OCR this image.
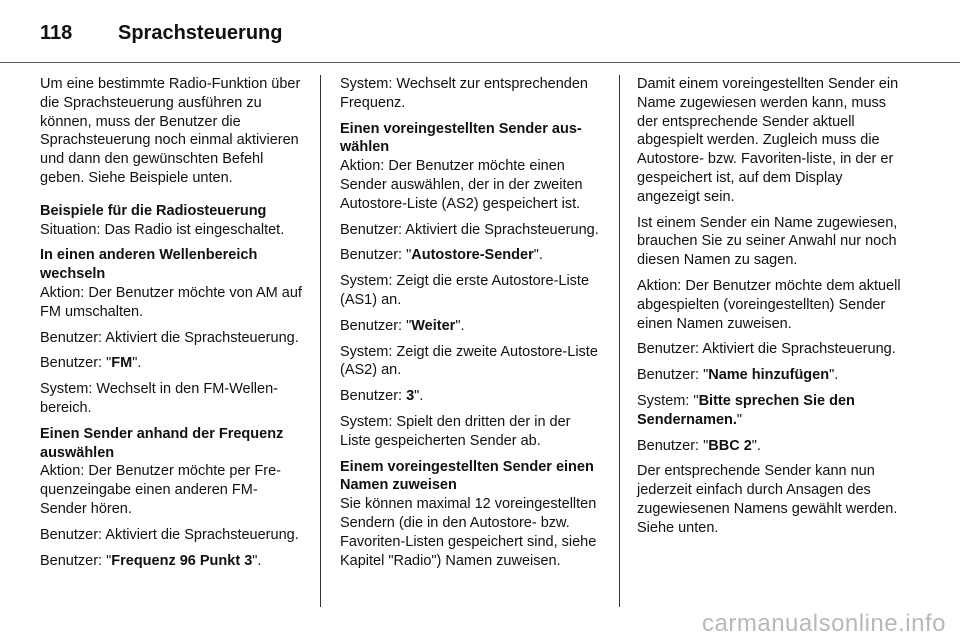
118	Sprachsteuerung

Um eine bestimmte Radio-Funktion über die Sprachsteuerung ausführen zu können, muss der Benutzer die Sprachsteuerung noch einmal aktivieren und dann den gewünschten Befehl geben. Siehe Beispiele unten.

Beispiele für die Radiosteuerung

Situation: Das Radio ist eingeschaltet.

In einen anderen Wellenbereich wechseln

Aktion: Der Benutzer möchte von AM auf FM umschalten.

Benutzer: Aktiviert die Sprachsteuerung.

Benutzer: "FM".

System: Wechselt in den FM-Wellenbereich.

Einen Sender anhand der Frequenz auswählen

Aktion: Der Benutzer möchte per Frequenzeingabe einen anderen FM-Sender hören.

Benutzer: Aktiviert die Sprachsteuerung.

Benutzer: "Frequenz 96 Punkt 3".

System: Wechselt zur entsprechenden Frequenz.

Einen voreingestellten Sender auswählen

Aktion: Der Benutzer möchte einen Sender auswählen, der in der zweiten Autostore-Liste (AS2) gespeichert ist.

Benutzer: Aktiviert die Sprachsteuerung.

Benutzer: "Autostore-Sender".

System: Zeigt die erste Autostore-Liste (AS1) an.

Benutzer: "Weiter".

System: Zeigt die zweite Autostore-Liste (AS2) an.

Benutzer: 3".

System: Spielt den dritten der in der Liste gespeicherten Sender ab.

Einem voreingestellten Sender einen Namen zuweisen

Sie können maximal 12 voreingestellten Sendern (die in den Autostore- bzw. Favoriten-Listen gespeichert sind, siehe Kapitel "Radio") Namen zuweisen.

Damit einem voreingestellten Sender ein Name zugewiesen werden kann, muss der entsprechende Sender aktuell abgespielt werden. Zugleich muss die Autostore- bzw. Favoriten-liste, in der er gespeichert ist, auf dem Display angezeigt sein.

Ist einem Sender ein Name zugewiesen, brauchen Sie zu seiner Anwahl nur noch diesen Namen zu sagen.

Aktion: Der Benutzer möchte dem aktuell abgespielten (voreingestellten) Sender einen Namen zuweisen.

Benutzer: Aktiviert die Sprachsteuerung.

Benutzer: "Name hinzufügen".

System: "Bitte sprechen Sie den Sendernamen."

Benutzer: "BBC 2".

Der entsprechende Sender kann nun jederzeit einfach durch Ansagen des zugewiesenen Namens gewählt werden. Siehe unten.

carmanualsonline.info
